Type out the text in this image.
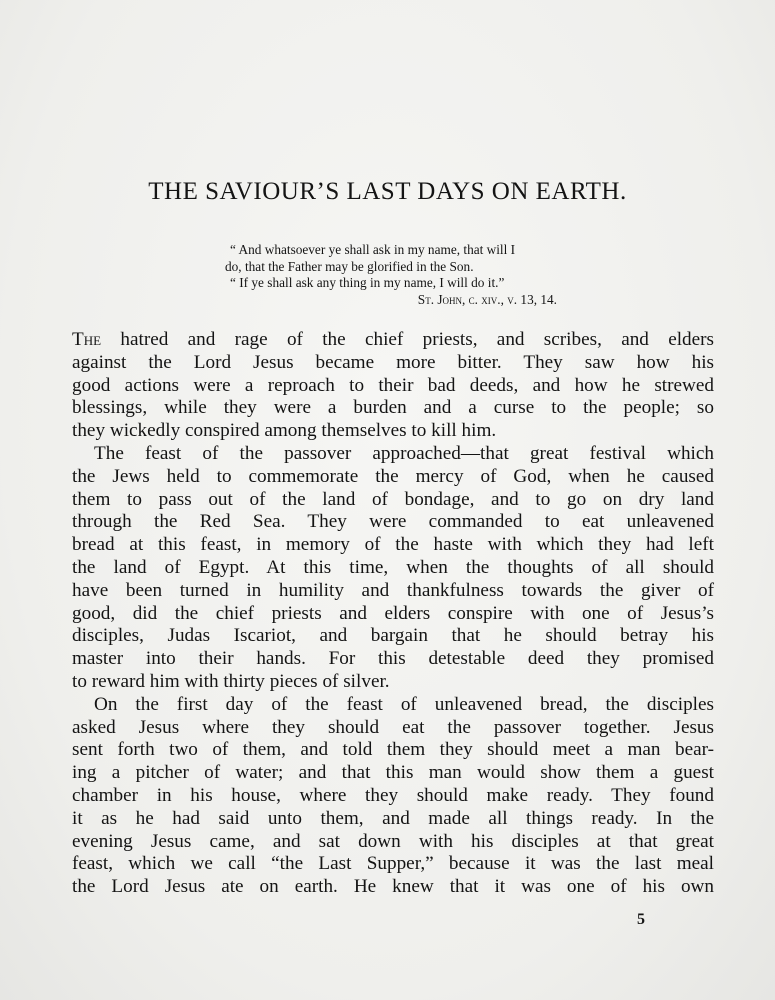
THE SAVIOUR’S LAST DAYS ON EARTH.
“ And whatsoever ye shall ask in my name, that will I
do, that the Father may be glorified in the Son.
“ If ye shall ask any thing in my name, I will do it.”
St. John, c. xiv., v. 13, 14.
The hatred and rage of the chief priests, and scribes, and elders
against the Lord Jesus became more bitter. They saw how his
good actions were a reproach to their bad deeds, and how he strewed
blessings, while they were a burden and a curse to the people; so
they wickedly conspired among themselves to kill him.
The feast of the passover approached—that great festival which
the Jews held to commemorate the mercy of God, when he caused
them to pass out of the land of bondage, and to go on dry land
through the Red Sea. They were commanded to eat unleavened
bread at this feast, in memory of the haste with which they had left
the land of Egypt. At this time, when the thoughts of all should
have been turned in humility and thankfulness towards the giver of
good, did the chief priests and elders conspire with one of Jesus’s
disciples, Judas Iscariot, and bargain that he should betray his
master into their hands. For this detestable deed they promised
to reward him with thirty pieces of silver.
On the first day of the feast of unleavened bread, the disciples
asked Jesus where they should eat the passover together. Jesus
sent forth two of them, and told them they should meet a man bear-
ing a pitcher of water; and that this man would show them a guest
chamber in his house, where they should make ready. They found
it as he had said unto them, and made all things ready. In the
evening Jesus came, and sat down with his disciples at that great
feast, which we call “the Last Supper,” because it was the last meal
the Lord Jesus ate on earth. He knew that it was one of his own
5
